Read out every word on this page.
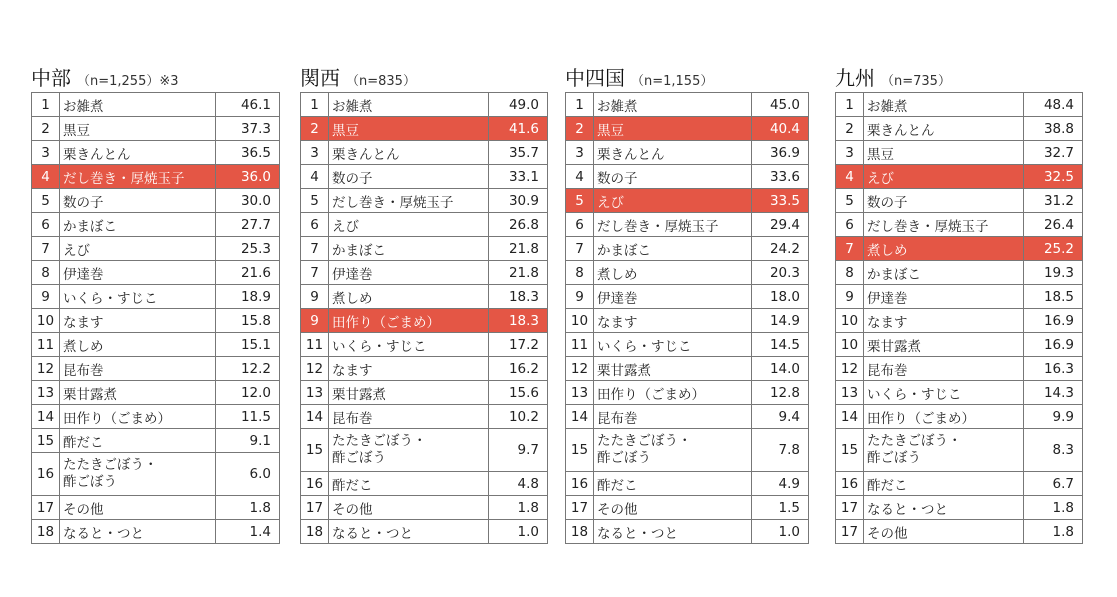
中部 （n=1,255）※3
1	お雑煮	46.1
2	黒豆	37.3
3	栗きんとん	36.5
4	だし巻き・厚焼玉子	36.0
5	数の子	30.0
6	かまぼこ	27.7
7	えび	25.3
8	伊達巻	21.6
9	いくら・すじこ	18.9
10	なます	15.8
11	煮しめ	15.1
12	昆布巻	12.2
13	栗甘露煮	12.0
14	田作り（ごまめ）	11.5
15	酢だこ	9.1
16	たたきごぼう・
酢ごぼう	6.0
17	その他	1.8
18	なると・つと	1.4
関西 （n=835）
1	お雑煮	49.0
2	黒豆	41.6
3	栗きんとん	35.7
4	数の子	33.1
5	だし巻き・厚焼玉子	30.9
6	えび	26.8
7	かまぼこ	21.8
7	伊達巻	21.8
9	煮しめ	18.3
9	田作り（ごまめ）	18.3
11	いくら・すじこ	17.2
12	なます	16.2
13	栗甘露煮	15.6
14	昆布巻	10.2
15	たたきごぼう・
酢ごぼう	9.7
16	酢だこ	4.8
17	その他	1.8
18	なると・つと	1.0
中四国 （n=1,155）
1	お雑煮	45.0
2	黒豆	40.4
3	栗きんとん	36.9
4	数の子	33.6
5	えび	33.5
6	だし巻き・厚焼玉子	29.4
7	かまぼこ	24.2
8	煮しめ	20.3
9	伊達巻	18.0
10	なます	14.9
11	いくら・すじこ	14.5
12	栗甘露煮	14.0
13	田作り（ごまめ）	12.8
14	昆布巻	9.4
15	たたきごぼう・
酢ごぼう	7.8
16	酢だこ	4.9
17	その他	1.5
18	なると・つと	1.0
九州 （n=735）
1	お雑煮	48.4
2	栗きんとん	38.8
3	黒豆	32.7
4	えび	32.5
5	数の子	31.2
6	だし巻き・厚焼玉子	26.4
7	煮しめ	25.2
8	かまぼこ	19.3
9	伊達巻	18.5
10	なます	16.9
10	栗甘露煮	16.9
12	昆布巻	16.3
13	いくら・すじこ	14.3
14	田作り（ごまめ）	9.9
15	たたきごぼう・
酢ごぼう	8.3
16	酢だこ	6.7
17	なると・つと	1.8
17	その他	1.8
